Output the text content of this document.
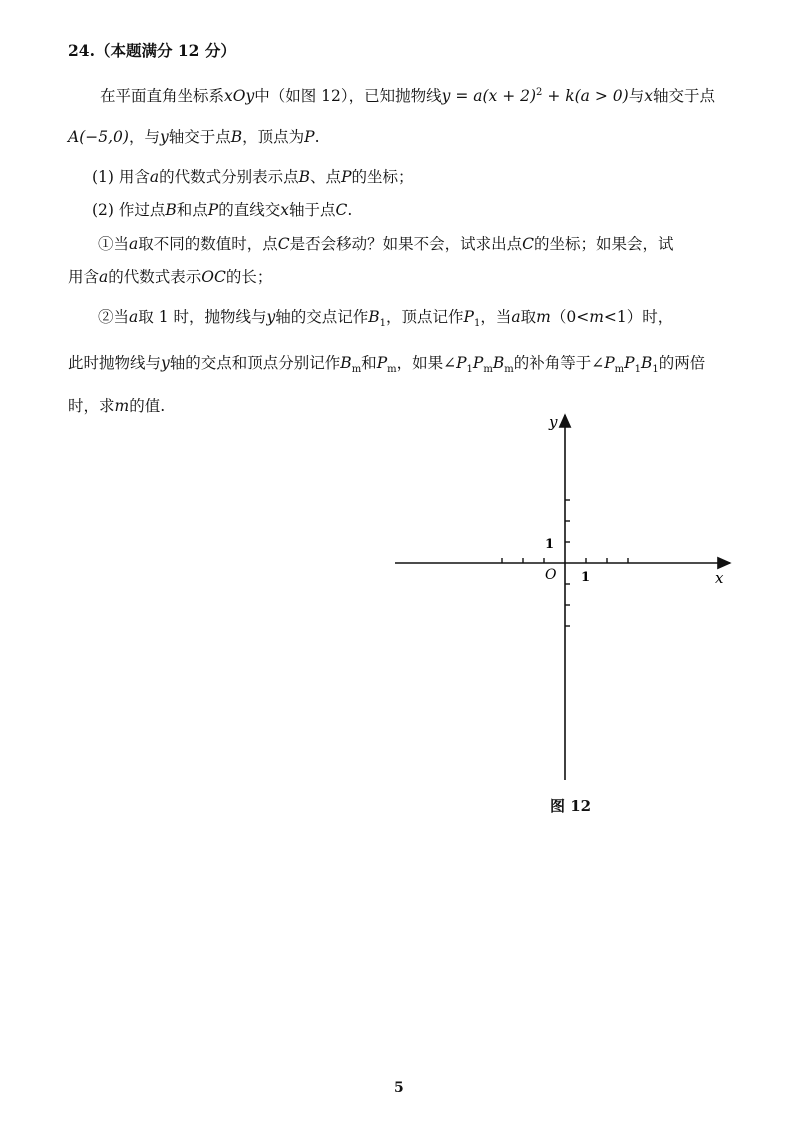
24.（本题满分 12 分）
在平面直角坐标系xOy中（如图 12），已知抛物线$y = a(x + 2)^2 + k(a > 0)$与x轴交于点
A(−5,0)，与y轴交于点B，顶点为P.
(1) 用含a的代数式分别表示点B、点P的坐标；
(2) 作过点B和点P的直线交x轴于点C.
①当a取不同的数值时，点C是否会移动？如果不会，试求出点C的坐标；如果会，试
用含a的代数式表示OC的长；
②当a取 1 时，抛物线与y轴的交点记作$B_1$，顶点记作$P_1$，当a取m（0<m<1）时，
此时抛物线与y轴的交点和顶点分别记作$B_m$和$P_m$，如果$\angle P_1P_mB_m$的补角等于$\angle P_mP_1B_1$的两倍
时，求m的值.
y
x
O 1
1
图 12
5
